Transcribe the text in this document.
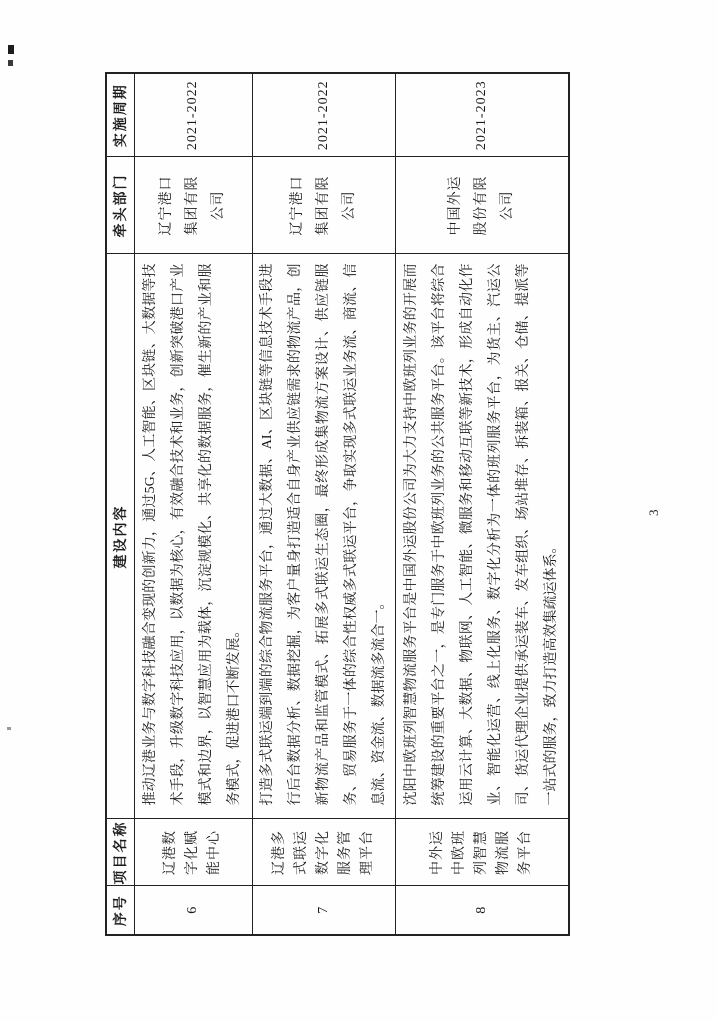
序号	项目名称	建设内容	牵头部门	实施周期
6	辽港数字化赋能中心	推动辽港业务与数字科技融合变现的创新力，通过5G、人工智能、区块链、大数据等技术手段，升级数字科技应用，以数据为核心，有效融合技术和业务，创新突破港口产业模式和边界，以智慧应用为载体，沉淀规模化、共享化的数据服务，催生新的产业和服务模式，促进港口不断发展。	辽宁港口集团有限公司	2021-2022
7	辽港多式联运数字化服务管理平台	打造多式联运端到端的综合物流服务平台，通过大数据、AI、区块链等信息技术手段进行后台数据分析、数据挖掘，为客户量身打造适合自身产业供应链需求的物流产品，创新物流产品和监管模式、拓展多式联运生态圈，最终形成集物流方案设计、供应链服务、贸易服务于一体的综合性权威多式联运平台，争取实现多式联运业务流、商流、信息流、资金流、数据流多流合一。	辽宁港口集团有限公司	2021-2022
8	中外运中欧班列智慧物流服务平台	沈阳中欧班列智慧物流服务平台是中国外运股份公司为大力支持中欧班列业务的开展而统筹建设的重要平台之一，是专门服务于中欧班列业务的公共服务平台。该平台将综合运用云计算、大数据、物联网、人工智能、微服务和移动互联等新技术，形成自动化作业、智能化运营、线上化服务、数字化分析为一体的班列服务平台，为货主、汽运公司、货运代理企业提供承运装车、发车组织、场站堆存、拆装箱、报关、仓储、提派等一站式的服务，致力打造高效集疏运体系。	中国外运股份有限公司	2021-2023
3
